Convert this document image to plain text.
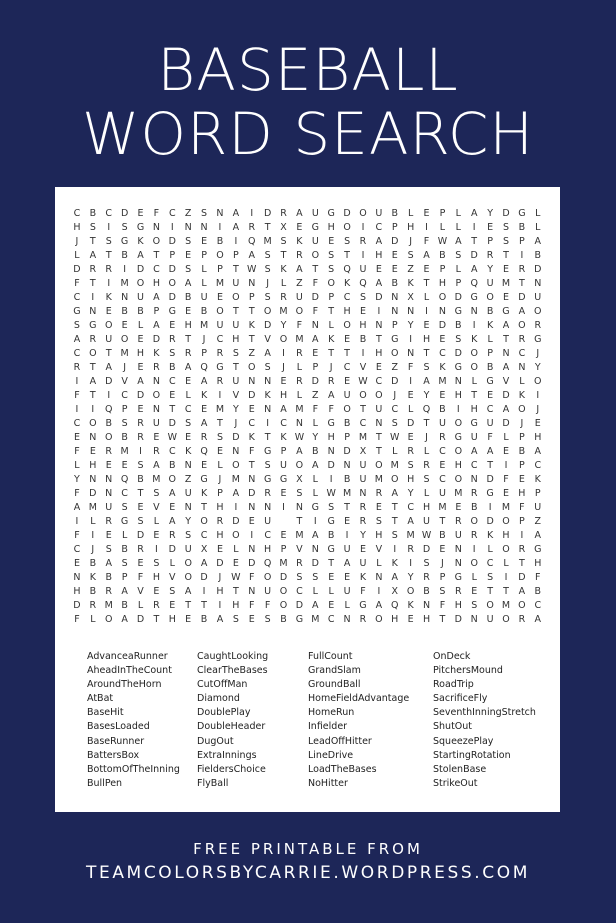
BASEBALL
WORD SEARCH
C B C D E	F	C Z	S N A	I	D R A U G D O U B	L	E	P	L	A	Y D G	L
H S	I	S G N	I	N N	I	A R	T	X	E G H O	I	C	P H	I	L	L	I	E	S	B	L
J	T	S G K O D S	E	B	I	Q M S	K U E	S	R A D	J	F W A	T	P	S	P	A
L	A	T	B A	T	P	E	P O P	A	S	T	R O S	T	I	H E	S	A B	S D R	T	I	B
D R R	I	D C D S	L	P	T W S	K	A	T	S Q U E	E	Z	E	P	L	A	Y	E	R D
F	T	I	M O H O A	L M U N	J	L	Z	F O K Q A B	K	T H P Q U M T N
C	I	K N U A D B U E O P	S	R U D P	C	S D N X	L	O D G O E D U
G N E	B B	P G E	B O T	T O M O F	T H E	I	N N	I	N G N B G A O
S G O E	L	A	E H M U U K D Y	F	N	L	O H N P	Y	E D B	I	K	A O R
A R U O E D R	T	J	C H T	V O M A	K	E	B	T G	I	H E	S	K	L	T	R G
C O T M H K	S	R	P	R	S	Z A	I	R	E	T	T	I	H O N T	C D O P N C	J
R	T	A	J	E	R B A Q G T O S	J	L	P	J	C V	E	Z	F	S	K G O B A N Y
I	A D V A N C	E	A R U N N E	R D R	E W C D	I	A M N	L	G V	L	O
F	T	I	C D O E	L	K	I	V D K H	L	Z A U O O	J	E	Y	E H T	E D K	I
I	I	Q P	E N T	C	E M Y	E N A M F	F O T	U C	L	Q B	I	H C A O	J
C O B	S	R U D S	A	T	J	C	I	C N	L	G B C N S D T	U O G U D	J	E
E N O B R	E W E	R	S D K	T	K W Y H P M T W E	J	R G U	F	L	P H
F	E	R M	I	R C K Q E N	F G P	A B N D X	T	L	R	L	C O A A	E	B A
L	H E	E	S	A B N E	L	O T	S U O A D N U O M S	R	E H C	T	I	P	C
Y N N Q B M O Z G	J	M N G G X	L	I	B U M O H S	C O N D F	E	K
F	D N C	T	S	A U K	P	A D R	E	S	L W M N R A	Y	L	U M R G E H P
A M U S	E	V	E N T H	I	N N	I	N G S	T	R	E	T	C H M E	B	I	M F	U
I	L	R G S	L	A	Y O R D E U	T	I	G E	R	S	T	A U	T	R O D O P	Z
F	I	E	L	D E	R	S	C H O	I	C	E M A B	I	Y H S M W B U R K H	I	A
C	J	S	B R	I	D U X	E	L	N H P	V N G U E	V	I	R D E N	I	L	O R G
E	B A	S	E	S	L	O A D E D Q M R D T	A U	L	K	I	S	J	N O C	L	T H
N K	B	P	F	H V O D	J	W F O D S	S	E	E	K N A	Y	R	P G	L	S	I	D F
H B R A V	E	S	A	I	H T N U O C	L	L	U	F	I	X O B	S	R	E	T	T	A B
D R M B	L	R	E	T	T	I	H	F	F O D A	E	L	G A Q K N	F	H S O M O C
F	L	O A D T H E	B A	S	E	S	B G M C N R O H E H T D N U O R A
AdvanceaRunner
AheadInTheCount
AroundTheHorn
AtBat
BaseHit
BasesLoaded
BaseRunner
BattersBox
BottomOfTheInning
BullPen
CaughtLooking
ClearTheBases
CutOffMan
Diamond
DoublePlay
DoubleHeader
DugOut
ExtraInnings
FieldersChoice
FlyBall
FullCount
GrandSlam
GroundBall
HomeFieldAdvantage
HomeRun
Infielder
LeadOffHitter
LineDrive
LoadTheBases
NoHitter
OnDeck
PitchersMound
RoadTrip
SacrificeFly
SeventhInningStretch
ShutOut
SqueezePlay
StartingRotation
StolenBase
StrikeOut
FREE PRINTABLE FROM
TEAMCOLORSBYCARRIE.WORDPRESS.COM
